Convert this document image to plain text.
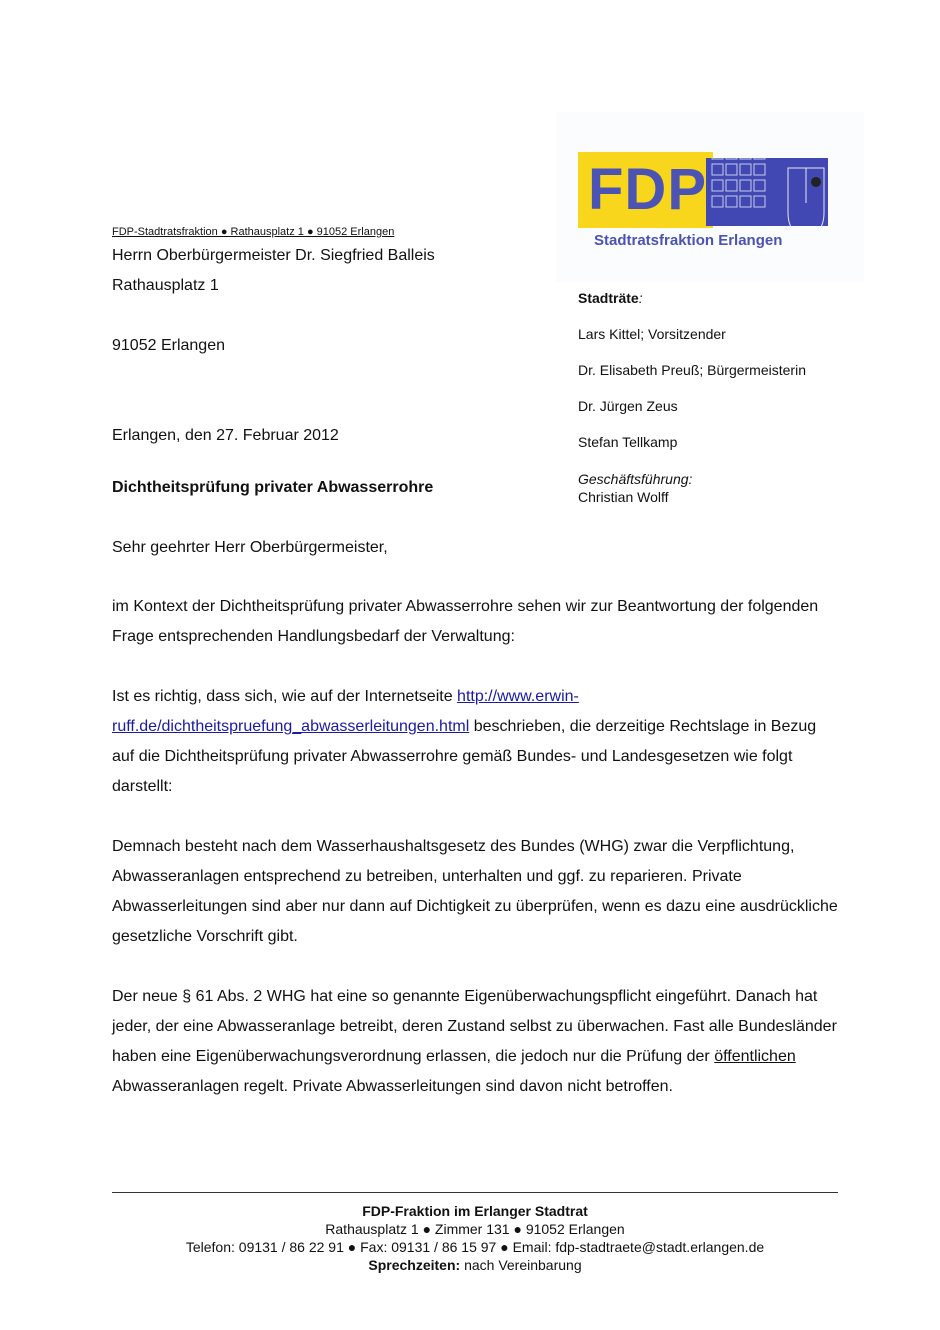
FDP
Stadtratsfraktion Erlangen
FDP-Stadtratsfraktion ● Rathausplatz 1 ● 91052 Erlangen
Herrn Oberbürgermeister Dr. Siegfried Balleis
Rathausplatz 1
91052 Erlangen
Stadträte:
Lars Kittel; Vorsitzender
Dr. Elisabeth Preuß; Bürgermeisterin
Dr. Jürgen Zeus
Stefan Tellkamp
Geschäftsführung:
Christian Wolff
Erlangen, den 27. Februar 2012
Dichtheitsprüfung privater Abwasserrohre
Sehr geehrter Herr Oberbürgermeister,
im Kontext der Dichtheitsprüfung privater Abwasserrohre sehen wir zur Beantwortung der folgenden Frage entsprechenden Handlungsbedarf der Verwaltung:
Ist es richtig, dass sich, wie auf der Internetseite http://www.erwin-ruff.de/dichtheitspruefung_abwasserleitungen.html beschrieben, die derzeitige Rechtslage in Bezug auf die Dichtheitsprüfung privater Abwasserrohre gemäß Bundes- und Landesgesetzen wie folgt darstellt:
Demnach besteht nach dem Wasserhaushaltsgesetz des Bundes (WHG) zwar die Verpflichtung, Abwasseranlagen entsprechend zu betreiben, unterhalten und ggf. zu reparieren. Private Abwasserleitungen sind aber nur dann auf Dichtigkeit zu überprüfen, wenn es dazu eine ausdrückliche gesetzliche Vorschrift gibt.
Der neue § 61 Abs. 2 WHG hat eine so genannte Eigenüberwachungspflicht eingeführt. Danach hat jeder, der eine Abwasseranlage betreibt, deren Zustand selbst zu überwachen. Fast alle Bundesländer haben eine Eigenüberwachungsverordnung erlassen, die jedoch nur die Prüfung der öffentlichen Abwasseranlagen regelt. Private Abwasserleitungen sind davon nicht betroffen.
FDP-Fraktion im Erlanger Stadtrat
Rathausplatz 1 ● Zimmer 131 ● 91052 Erlangen
Telefon: 09131 / 86 22 91 ● Fax: 09131 / 86 15 97 ● Email: fdp-stadtraete@stadt.erlangen.de
Sprechzeiten: nach Vereinbarung
